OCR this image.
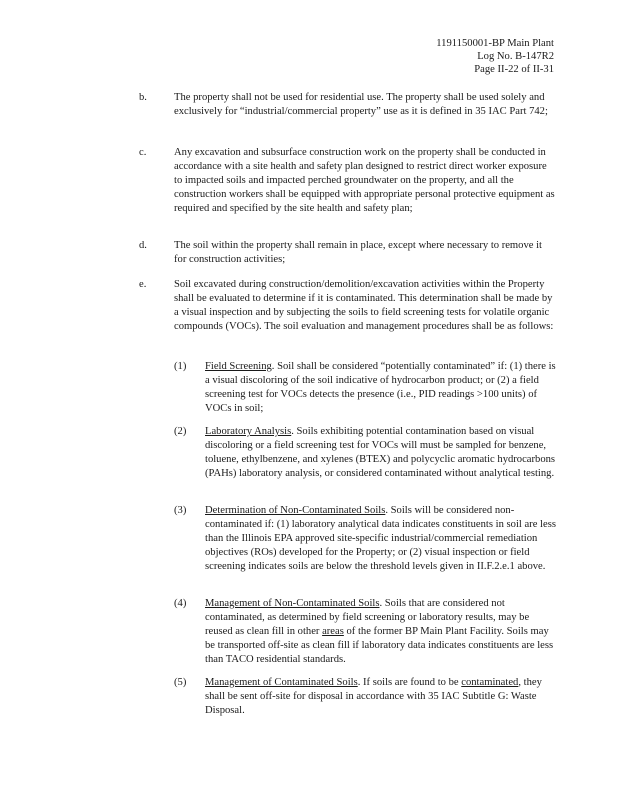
1191150001-BP Main Plant
Log No. B-147R2
Page II-22 of II-31
b.	The property shall not be used for residential use. The property shall be used solely and exclusively for “industrial/commercial property” use as it is defined in 35 IAC Part 742;
c.	Any excavation and subsurface construction work on the property shall be conducted in accordance with a site health and safety plan designed to restrict direct worker exposure to impacted soils and impacted perched groundwater on the property, and all the construction workers shall be equipped with appropriate personal protective equipment as required and specified by the site health and safety plan;
d.	The soil within the property shall remain in place, except where necessary to remove it for construction activities;
e.	Soil excavated during construction/demolition/excavation activities within the Property shall be evaluated to determine if it is contaminated. This determination shall be made by a visual inspection and by subjecting the soils to field screening tests for volatile organic compounds (VOCs). The soil evaluation and management procedures shall be as follows:
(1) Field Screening. Soil shall be considered “potentially contaminated” if: (1) there is a visual discoloring of the soil indicative of hydrocarbon product; or (2) a field screening test for VOCs detects the presence (i.e., PID readings >100 units) of VOCs in soil;
(2) Laboratory Analysis. Soils exhibiting potential contamination based on visual discoloring or a field screening test for VOCs will must be sampled for benzene, toluene, ethylbenzene, and xylenes (BTEX) and polycyclic aromatic hydrocarbons (PAHs) laboratory analysis, or considered contaminated without analytical testing.
(3) Determination of Non-Contaminated Soils. Soils will be considered non-contaminated if: (1) laboratory analytical data indicates constituents in soil are less than the Illinois EPA approved site-specific industrial/commercial remediation objectives (ROs) developed for the Property; or (2) visual inspection or field screening indicates soils are below the threshold levels given in II.F.2.e.1 above.
(4) Management of Non-Contaminated Soils. Soils that are considered not contaminated, as determined by field screening or laboratory results, may be reused as clean fill in other areas of the former BP Main Plant Facility. Soils may be transported off-site as clean fill if laboratory data indicates constituents are less than TACO residential standards.
(5) Management of Contaminated Soils. If soils are found to be contaminated, they shall be sent off-site for disposal in accordance with 35 IAC Subtitle G: Waste Disposal.
